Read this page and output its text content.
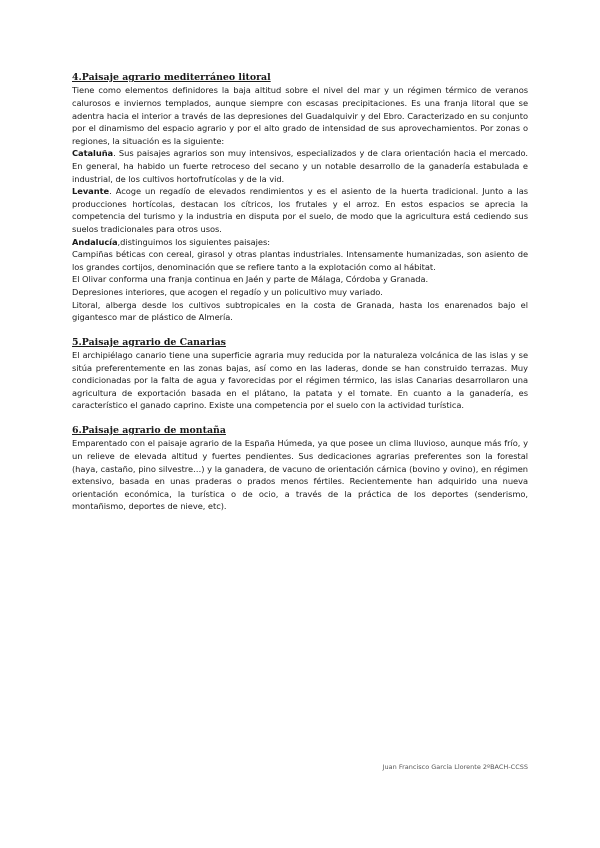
4.Paisaje agrario mediterráneo litoral

Tiene como elementos definidores la baja altitud sobre el nivel del mar y un régimen térmico de veranos calurosos e inviernos templados, aunque siempre con escasas precipitaciones. Es una franja litoral que se adentra hacia el interior a través de las depresiones del Guadalquivir y del Ebro. Caracterizado en su conjunto por el dinamismo del espacio agrario y por el alto grado de intensidad de sus aprovechamientos. Por zonas o regiones, la situación es la siguiente:

Cataluña. Sus paisajes agrarios son muy intensivos, especializados y de clara orientación hacia el mercado. En general, ha habido un fuerte retroceso del secano y un notable desarrollo de la ganadería estabulada e industrial, de los cultivos hortofrutícolas y de la vid.

Levante. Acoge un regadío de elevados rendimientos y es el asiento de la huerta tradicional. Junto a las producciones hortícolas, destacan los cítricos, los frutales y el arroz. En estos espacios se aprecia la competencia del turismo y la industria en disputa por el suelo, de modo que la agricultura está cediendo sus suelos tradicionales para otros usos.

Andalucía,distinguimos los siguientes paisajes:

Campiñas béticas con cereal, girasol y otras plantas industriales. Intensamente humanizadas, son asiento de los grandes cortijos, denominación que se refiere tanto a la explotación como al hábitat.

El Olivar conforma una franja continua en Jaén y parte de Málaga, Córdoba y Granada.

Depresiones interiores, que acogen el regadío y un policultivo muy variado.

Litoral, alberga desde los cultivos subtropicales en la costa de Granada, hasta los enarenados bajo el gigantesco mar de plástico de Almería.

5.Paisaje agrario de Canarias

El archipiélago canario tiene una superficie agraria muy reducida por la naturaleza volcánica de las islas y se sitúa preferentemente en las zonas bajas, así como en las laderas, donde se han construido terrazas. Muy condicionadas por la falta de agua y favorecidas por el régimen térmico, las islas Canarias desarrollaron una agricultura de exportación basada en el plátano, la patata y el tomate. En cuanto a la ganadería, es característico el ganado caprino. Existe una competencia por el suelo con la actividad turística.

6.Paisaje agrario de montaña

Emparentado con el paisaje agrario de la España Húmeda, ya que posee un clima lluvioso, aunque más frío, y un relieve de elevada altitud y fuertes pendientes. Sus dedicaciones agrarias preferentes son la forestal (haya, castaño, pino silvestre…) y la ganadera, de vacuno de orientación cárnica (bovino y ovino), en régimen extensivo, basada en unas praderas o prados menos fértiles. Recientemente han adquirido una nueva orientación económica, la turística o de ocio, a través de la práctica de los deportes (senderismo, montañismo, deportes de nieve, etc).

Juan Francisco García Llorente 2ºBACH-CCSS
